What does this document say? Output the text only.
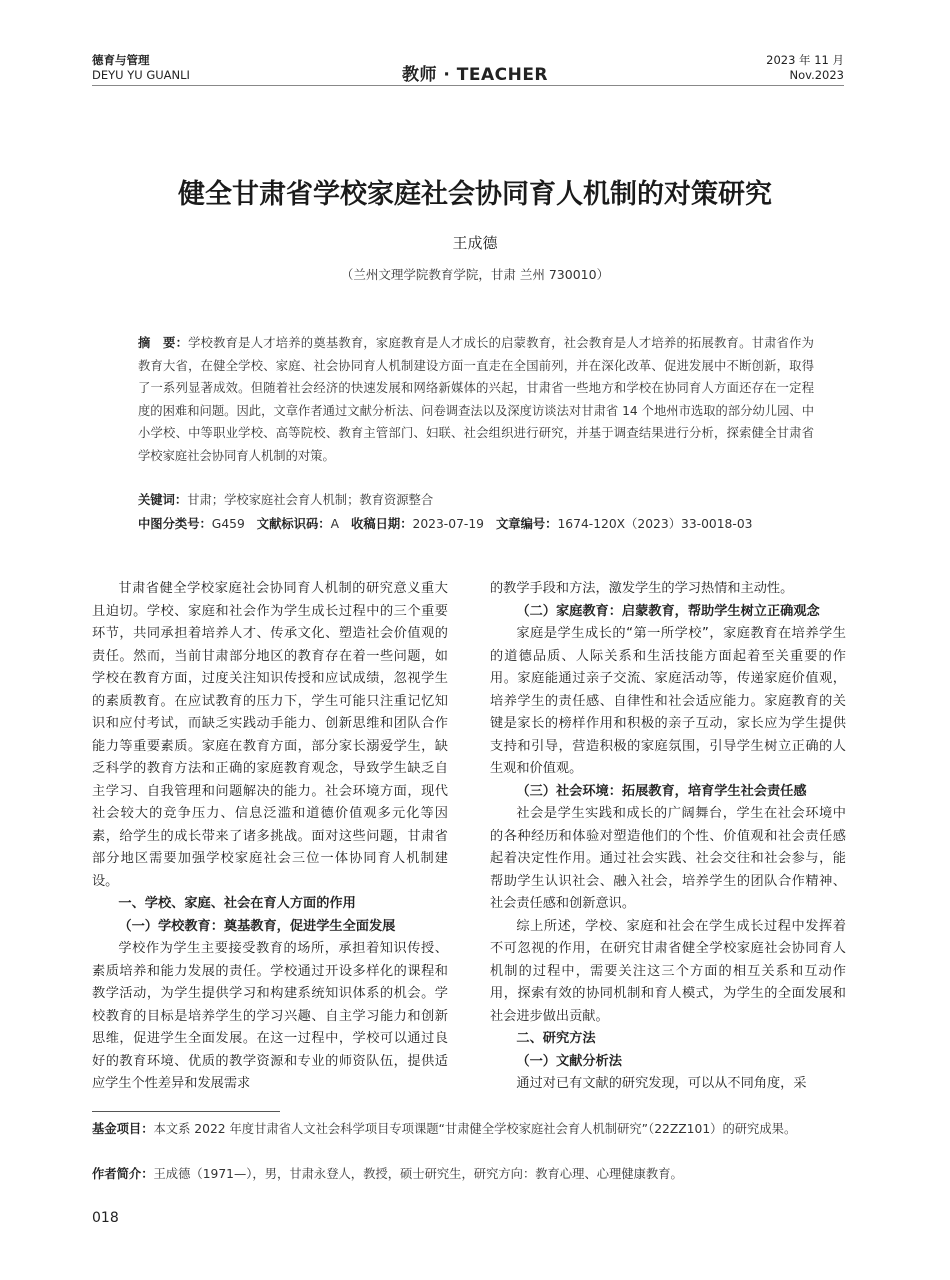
德育与管理
DEYU YU GUANLI	教师 · TEACHER
2023 年 11 月
Nov.2023
健全甘肃省学校家庭社会协同育人机制的对策研究
王成德
（兰州文理学院教育学院，甘肃 兰州 730010）
摘　要：学校教育是人才培养的奠基教育，家庭教育是人才成长的启蒙教育，社会教育是人才培养的拓展教育。甘肃省作为教育大省，在健全学校、家庭、社会协同育人机制建设方面一直走在全国前列，并在深化改革、促进发展中不断创新，取得了一系列显著成效。但随着社会经济的快速发展和网络新媒体的兴起，甘肃省一些地方和学校在协同育人方面还存在一定程度的困难和问题。因此，文章作者通过文献分析法、问卷调查法以及深度访谈法对甘肃省 14 个地州市选取的部分幼儿园、中小学校、中等职业学校、高等院校、教育主管部门、妇联、社会组织进行研究，并基于调查结果进行分析，探索健全甘肃省学校家庭社会协同育人机制的对策。
关键词：甘肃；学校家庭社会育人机制；教育资源整合
中图分类号：G459 文献标识码：A 收稿日期：2023-07-19 文章编号：1674-120X（2023）33-0018-03

甘肃省健全学校家庭社会协同育人机制的研究意义重大且迫切。学校、家庭和社会作为学生成长过程中的三个重要环节，共同承担着培养人才、传承文化、塑造社会价值观的责任。然而，当前甘肃部分地区的教育存在着一些问题，如学校在教育方面，过度关注知识传授和应试成绩，忽视学生的素质教育。在应试教育的压力下，学生可能只注重记忆知识和应付考试，而缺乏实践动手能力、创新思维和团队合作能力等重要素质。家庭在教育方面，部分家长溺爱学生，缺乏科学的教育方法和正确的家庭教育观念，导致学生缺乏自主学习、自我管理和问题解决的能力。社会环境方面，现代社会较大的竞争压力、信息泛滥和道德价值观多元化等因素，给学生的成长带来了诸多挑战。面对这些问题，甘肃省部分地区需要加强学校家庭社会三位一体协同育人机制建设。

一、学校、家庭、社会在育人方面的作用
（一）学校教育：奠基教育，促进学生全面发展

学校作为学生主要接受教育的场所，承担着知识传授、素质培养和能力发展的责任。学校通过开设多样化的课程和教学活动，为学生提供学习和构建系统知识体系的机会。学校教育的目标是培养学生的学习兴趣、自主学习能力和创新思维，促进学生全面发展。在这一过程中，学校可以通过良好的教育环境、优质的教学资源和专业的师资队伍，提供适应学生个性差异和发展需求

的教学手段和方法，激发学生的学习热情和主动性。

（二）家庭教育：启蒙教育，帮助学生树立正确观念

家庭是学生成长的“第一所学校”，家庭教育在培养学生的道德品质、人际关系和生活技能方面起着至关重要的作用。家庭能通过亲子交流、家庭活动等，传递家庭价值观，培养学生的责任感、自律性和社会适应能力。家庭教育的关键是家长的榜样作用和积极的亲子互动，家长应为学生提供支持和引导，营造积极的家庭氛围，引导学生树立正确的人生观和价值观。

（三）社会环境：拓展教育，培育学生社会责任感

社会是学生实践和成长的广阔舞台，学生在社会环境中的各种经历和体验对塑造他们的个性、价值观和社会责任感起着决定性作用。通过社会实践、社会交往和社会参与，能帮助学生认识社会、融入社会，培养学生的团队合作精神、社会责任感和创新意识。

综上所述，学校、家庭和社会在学生成长过程中发挥着不可忽视的作用，在研究甘肃省健全学校家庭社会协同育人机制的过程中，需要关注这三个方面的相互关系和互动作用，探索有效的协同机制和育人模式，为学生的全面发展和社会进步做出贡献。

二、研究方法
（一）文献分析法

通过对已有文献的研究发现，可以从不同角度，采

基金项目：本文系 2022 年度甘肃省人文社会科学项目专项课题“甘肃健全学校家庭社会育人机制研究”（22ZZ101）的研究成果。
作者简介：王成德（1971—），男，甘肃永登人，教授，硕士研究生，研究方向：教育心理、心理健康教育。
018
